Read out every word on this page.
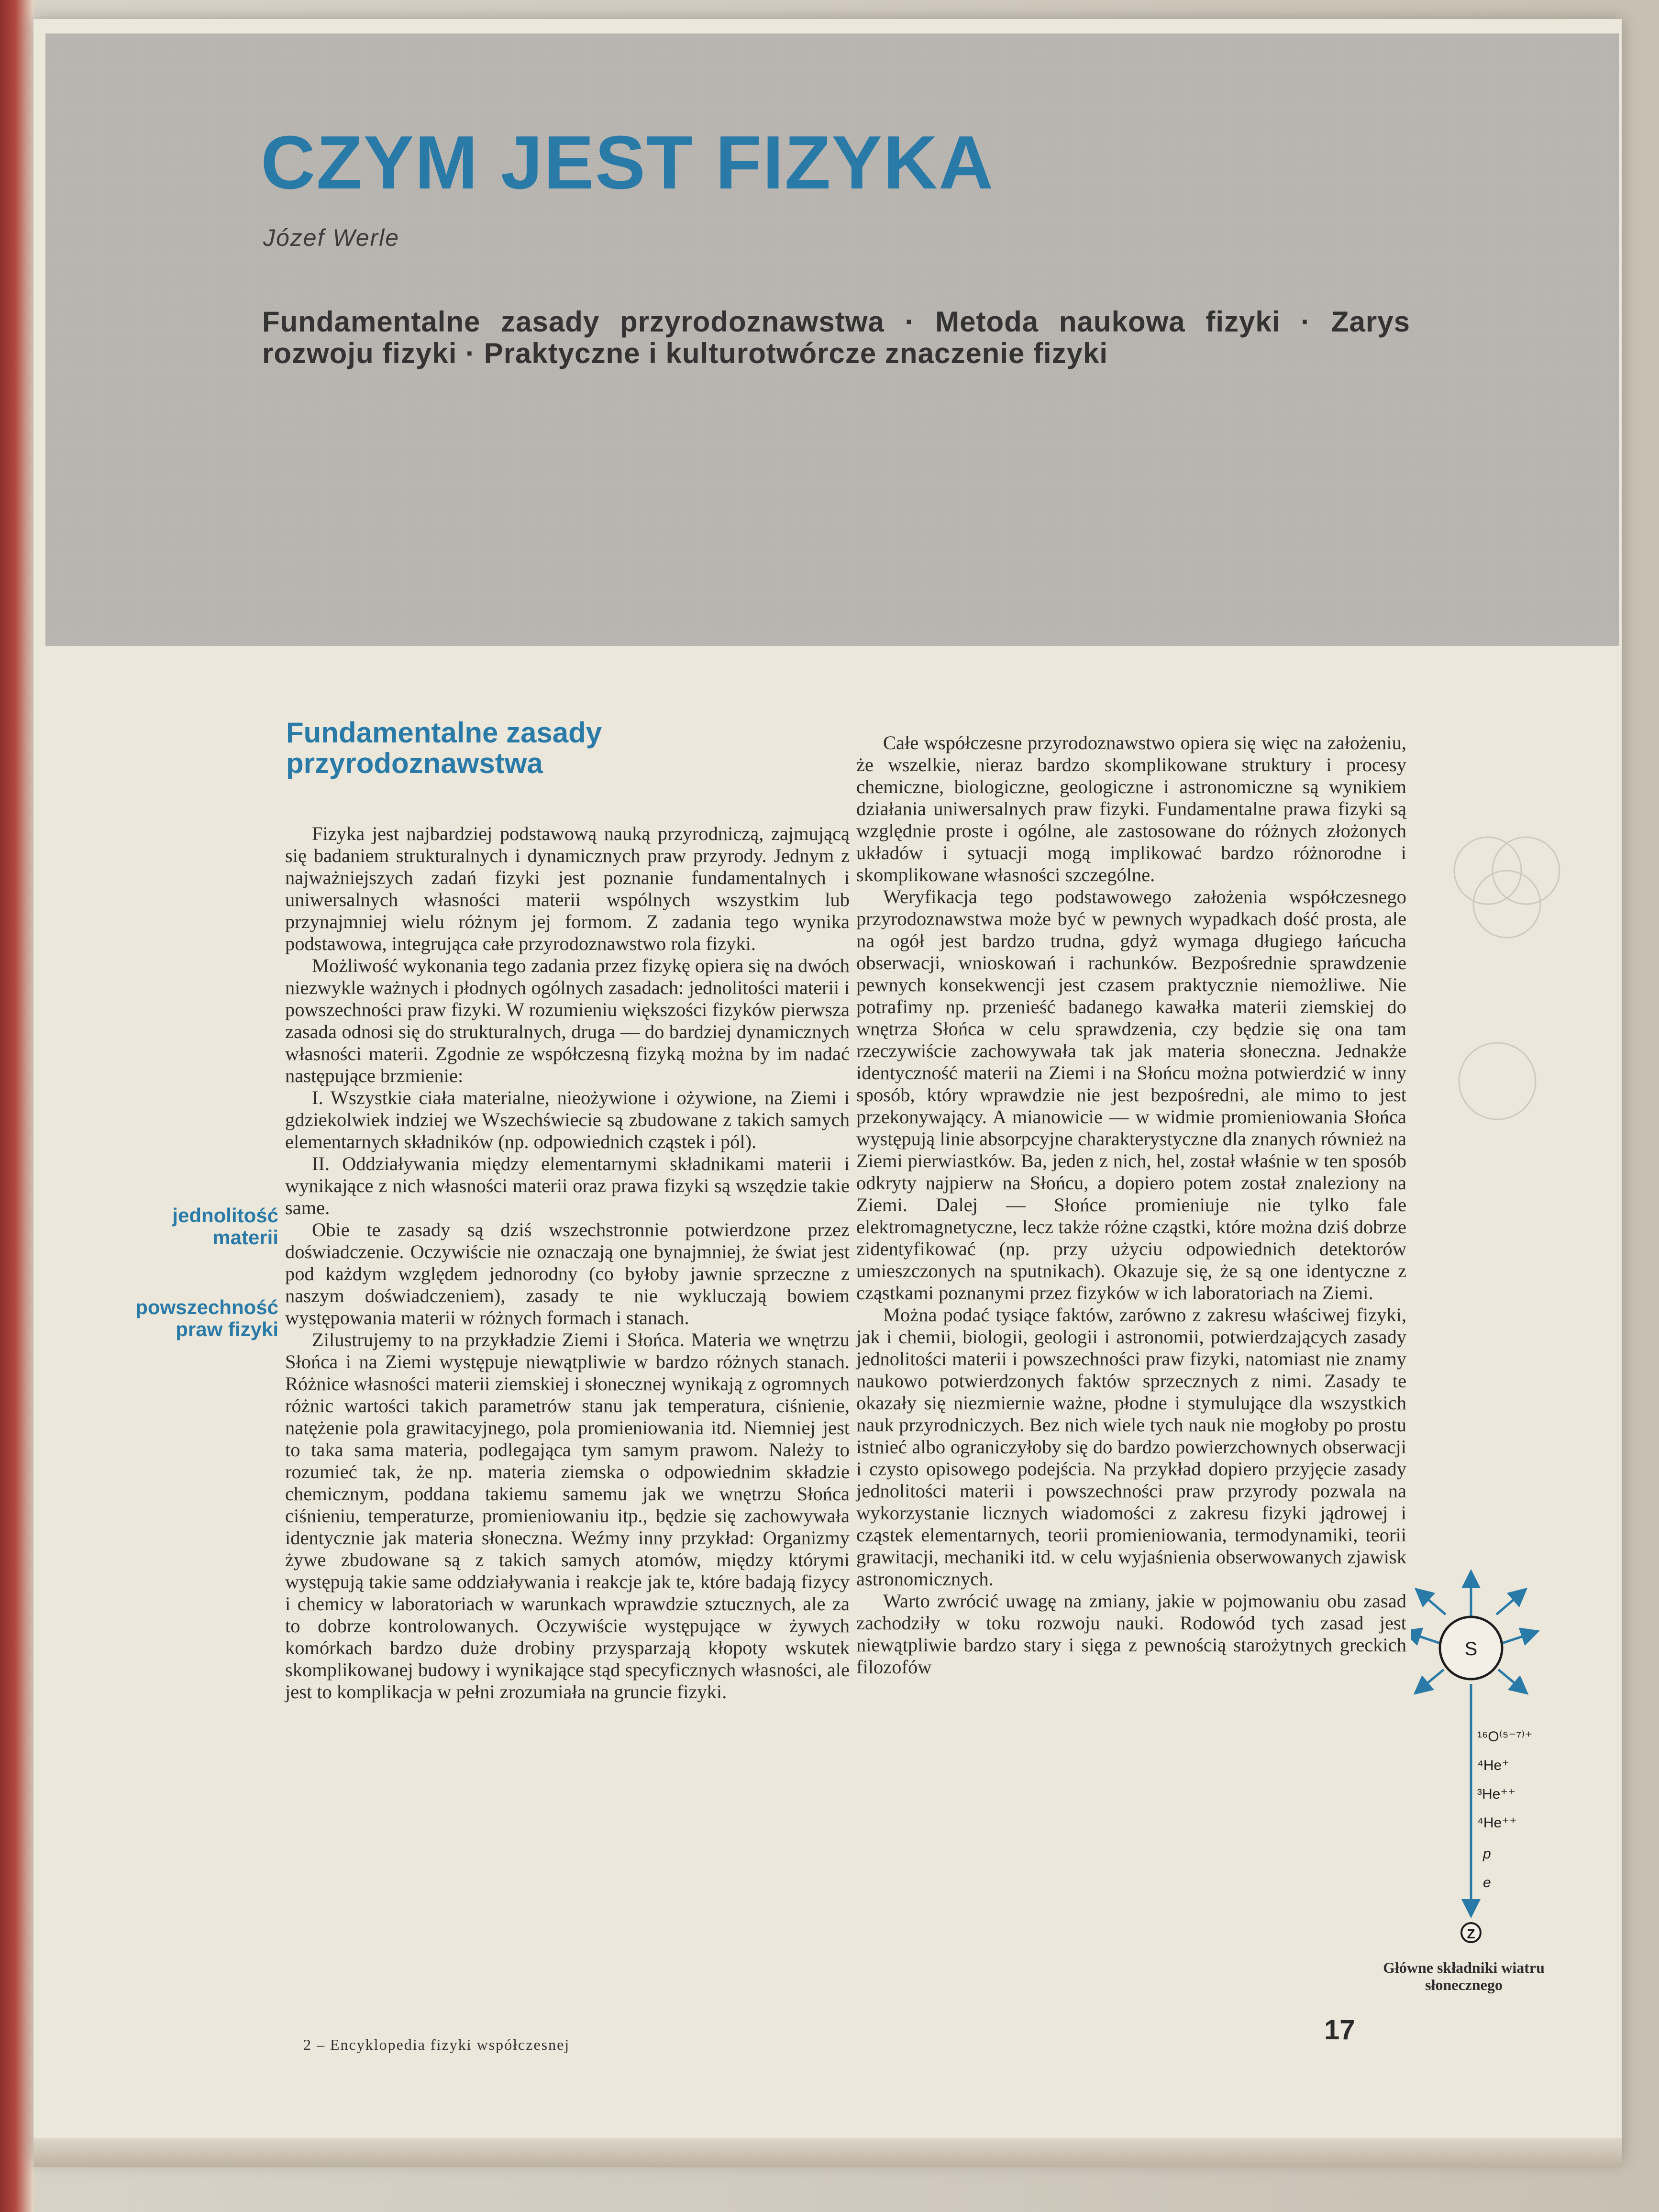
CZYM JEST FIZYKA

Józef Werle

Fundamentalne zasady przyrodoznawstwa · Metoda naukowa fizyki · Zarys rozwoju fizyki · Praktyczne i kulturotwórcze znaczenie fizyki

Fundamentalne zasady przyrodoznawstwa
jednolitość materii
powszechność praw fizyki

Fizyka jest najbardziej podstawową nauką przyrodniczą, zajmującą się badaniem strukturalnych i dynamicznych praw przyrody. Jednym z najważniejszych zadań fizyki jest poznanie fundamentalnych i uniwersalnych własności materii wspólnych wszystkim lub przynajmniej wielu różnym jej formom. Z zadania tego wynika podstawowa, integrująca całe przyrodoznawstwo rola fizyki.

Możliwość wykonania tego zadania przez fizykę opiera się na dwóch niezwykle ważnych i płodnych ogólnych zasadach: jednolitości materii i powszechności praw fizyki. W rozumieniu większości fizyków pierwsza zasada odnosi się do strukturalnych, druga — do bardziej dynamicznych własności materii. Zgodnie ze współczesną fizyką można by im nadać następujące brzmienie:

I. Wszystkie ciała materialne, nieożywione i ożywione, na Ziemi i gdziekolwiek indziej we Wszechświecie są zbudowane z takich samych elementarnych składników (np. odpowiednich cząstek i pól).

II. Oddziaływania między elementarnymi składnikami materii i wynikające z nich własności materii oraz prawa fizyki są wszędzie takie same.

Obie te zasady są dziś wszechstronnie potwierdzone przez doświadczenie. Oczywiście nie oznaczają one bynajmniej, że świat jest pod każdym względem jednorodny (co byłoby jawnie sprzeczne z naszym doświadczeniem), zasady te nie wykluczają bowiem występowania materii w różnych formach i stanach.

Zilustrujemy to na przykładzie Ziemi i Słońca. Materia we wnętrzu Słońca i na Ziemi występuje niewątpliwie w bardzo różnych stanach. Różnice własności materii ziemskiej i słonecznej wynikają z ogromnych różnic wartości takich parametrów stanu jak temperatura, ciśnienie, natężenie pola grawitacyjnego, pola promieniowania itd. Niemniej jest to taka sama materia, podlegająca tym samym prawom. Należy to rozumieć tak, że np. materia ziemska o odpowiednim składzie chemicznym, poddana takiemu samemu jak we wnętrzu Słońca ciśnieniu, temperaturze, promieniowaniu itp., będzie się zachowywała identycznie jak materia słoneczna. Weźmy inny przykład: Organizmy żywe zbudowane są z takich samych atomów, między którymi występują takie same oddziaływania i reakcje jak te, które badają fizycy i chemicy w laboratoriach w warunkach wprawdzie sztucznych, ale za to dobrze kontrolowanych. Oczywiście występujące w żywych komórkach bardzo duże drobiny przysparzają kłopoty wskutek skomplikowanej budowy i wynikające stąd specyficznych własności, ale jest to komplikacja w pełni zrozumiała na gruncie fizyki.

Całe współczesne przyrodoznawstwo opiera się więc na założeniu, że wszelkie, nieraz bardzo skomplikowane struktury i procesy chemiczne, biologiczne, geologiczne i astronomiczne są wynikiem działania uniwersalnych praw fizyki. Fundamentalne prawa fizyki są względnie proste i ogólne, ale zastosowane do różnych złożonych układów i sytuacji mogą implikować bardzo różnorodne i skomplikowane własności szczególne.

Weryfikacja tego podstawowego założenia współczesnego przyrodoznawstwa może być w pewnych wypadkach dość prosta, ale na ogół jest bardzo trudna, gdyż wymaga długiego łańcucha obserwacji, wnioskowań i rachunków. Bezpośrednie sprawdzenie pewnych konsekwencji jest czasem praktycznie niemożliwe. Nie potrafimy np. przenieść badanego kawałka materii ziemskiej do wnętrza Słońca w celu sprawdzenia, czy będzie się ona tam rzeczywiście zachowywała tak jak materia słoneczna. Jednakże identyczność materii na Ziemi i na Słońcu można potwierdzić w inny sposób, który wprawdzie nie jest bezpośredni, ale mimo to jest przekonywający. A mianowicie — w widmie promieniowania Słońca występują linie absorpcyjne charakterystyczne dla znanych również na Ziemi pierwiastków. Ba, jeden z nich, hel, został właśnie w ten sposób odkryty najpierw na Słońcu, a dopiero potem został znaleziony na Ziemi. Dalej — Słońce promieniuje nie tylko fale elektromagnetyczne, lecz także różne cząstki, które można dziś dobrze zidentyfikować (np. przy użyciu odpowiednich detektorów umieszczonych na sputnikach). Okazuje się, że są one identyczne z cząstkami poznanymi przez fizyków w ich laboratoriach na Ziemi.

Można podać tysiące faktów, zarówno z zakresu właściwej fizyki, jak i chemii, biologii, geologii i astronomii, potwierdzających zasady jednolitości materii i powszechności praw fizyki, natomiast nie znamy naukowo potwierdzonych faktów sprzecznych z nimi. Zasady te okazały się niezmiernie ważne, płodne i stymulujące dla wszystkich nauk przyrodniczych. Bez nich wiele tych nauk nie mogłoby po prostu istnieć albo ograniczyłoby się do bardzo powierzchownych obserwacji i czysto opisowego podejścia. Na przykład dopiero przyjęcie zasady jednolitości materii i powszechności praw przyrody pozwala na wykorzystanie licznych wiadomości z zakresu fizyki jądrowej i cząstek elementarnych, teorii promieniowania, termodynamiki, teorii grawitacji, mechaniki itd. w celu wyjaśnienia obserwowanych zjawisk astronomicznych.

Warto zwrócić uwagę na zmiany, jakie w pojmowaniu obu zasad zachodziły w toku rozwoju nauki. Rodowód tych zasad jest niewątpliwie bardzo stary i sięga z pewnością starożytnych greckich filozofów

S
Z
¹⁶O⁽⁵⁻⁷⁾⁺
⁴He⁺
³He⁺⁺
⁴He⁺⁺
p
e

Główne składniki wiatru słonecznego

2 – Encyklopedia fizyki współczesnej	17
